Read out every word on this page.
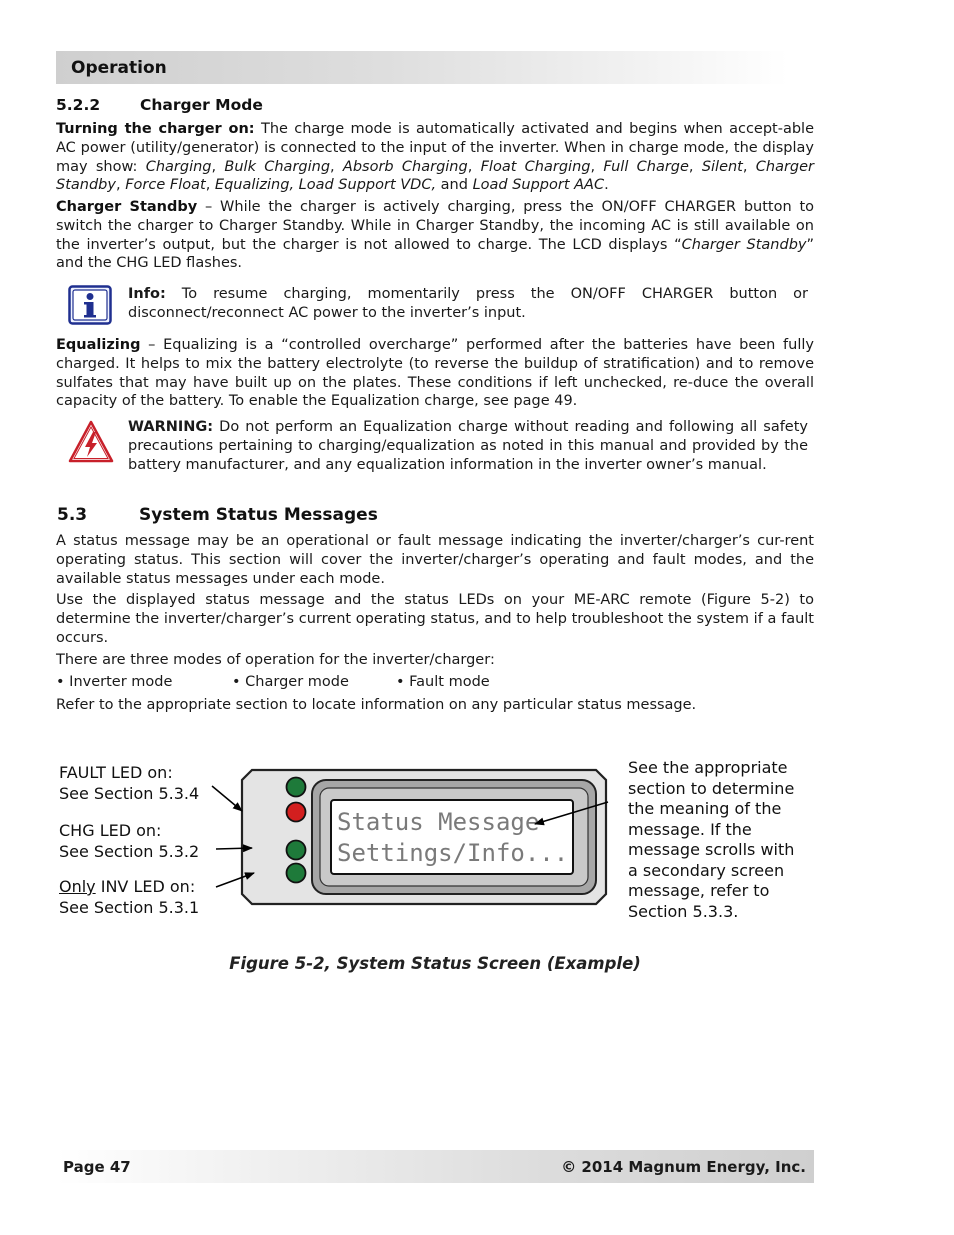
Operation
5.2.2	Charger Mode
Turning the charger on: The charge mode is automatically activated and begins when accept-able AC power (utility/generator) is connected to the input of the inverter. When in charge mode, the display may show: Charging, Bulk Charging, Absorb Charging, Float Charging, Full Charge, Silent, Charger Standby, Force Float, Equalizing, Load Support VDC, and Load Support AAC.
Charger Standby – While the charger is actively charging, press the ON/OFF CHARGER button to switch the charger to Charger Standby. While in Charger Standby, the incoming AC is still available on the inverter’s output, but the charger is not allowed to charge. The LCD displays “Charger Standby” and the CHG LED flashes.
Info: To resume charging, momentarily press the ON/OFF CHARGER button or disconnect/reconnect AC power to the inverter’s input.
Equalizing – Equalizing is a “controlled overcharge” performed after the batteries have been fully charged. It helps to mix the battery electrolyte (to reverse the buildup of stratification) and to remove sulfates that may have built up on the plates. These conditions if left unchecked, re-duce the overall capacity of the battery. To enable the Equalization charge, see page 49.
WARNING: Do not perform an Equalization charge without reading and following all safety precautions pertaining to charging/equalization as noted in this manual and provided by the battery manufacturer, and any equalization information in the inverter owner’s manual.
5.3	System Status Messages
A status message may be an operational or fault message indicating the inverter/charger’s cur-rent operating status. This section will cover the inverter/charger’s operating and fault modes, and the available status messages under each mode.
Use the displayed status message and the status LEDs on your ME-ARC remote (Figure 5-2) to determine the inverter/charger’s current operating status, and to help troubleshoot the system if a fault occurs.
There are three modes of operation for the inverter/charger:
• Inverter mode	• Charger mode	• Fault mode
Refer to the appropriate section to locate information on any particular status message.
FAULT LED on:
See Section 5.3.4
CHG LED on:
See Section 5.3.2
Only INV LED on:
See Section 5.3.1
See the appropriate
section to determine
the meaning of the
message. If the
message scrolls with
a secondary screen
message, refer to
Section 5.3.3.
Status Message
Settings/Info...
Figure 5-2, System Status Screen (Example)
Page 47	© 2014 Magnum Energy, Inc.
